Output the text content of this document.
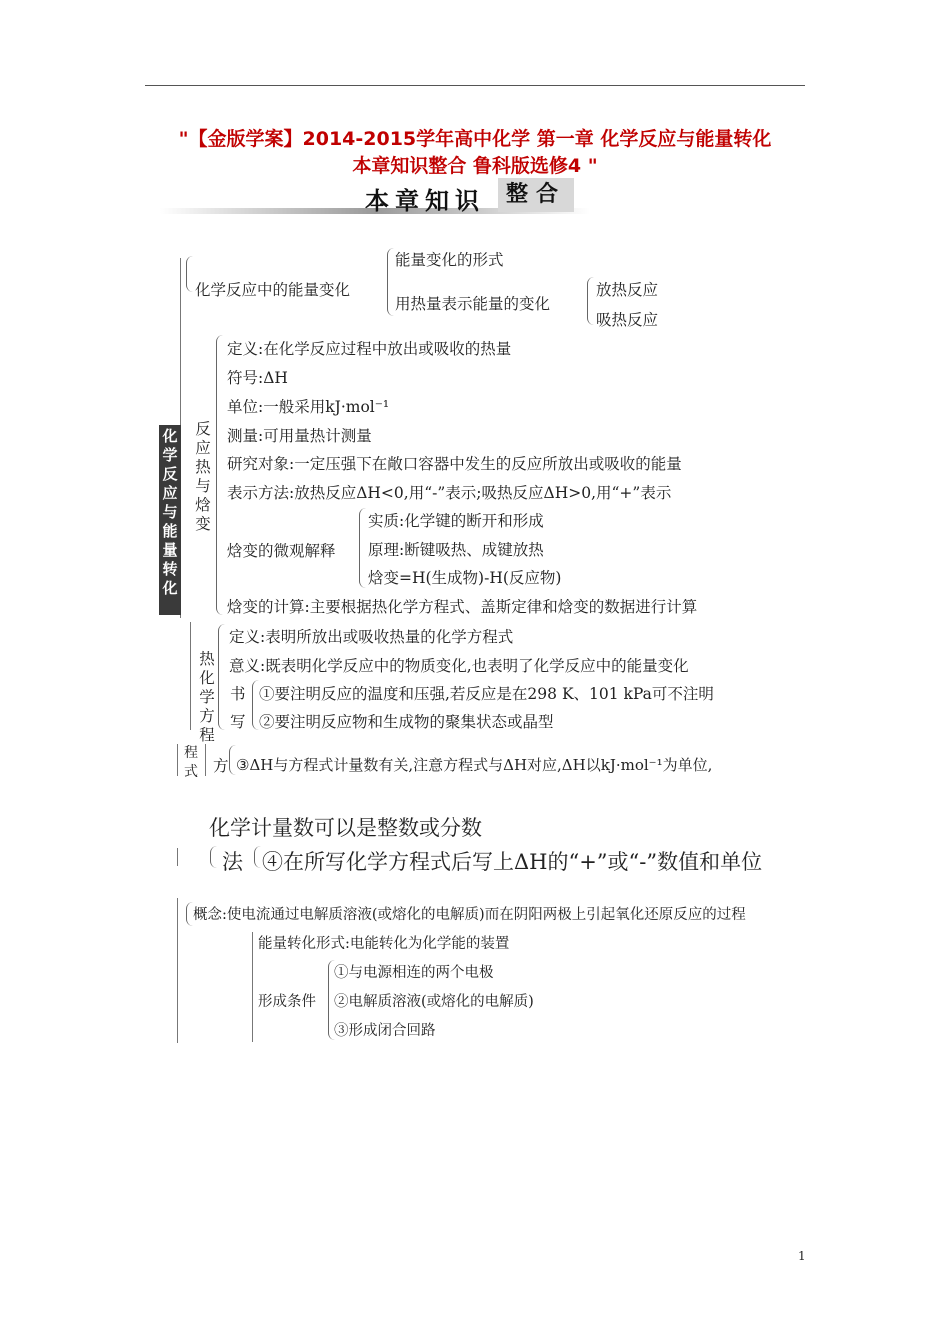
"【金版学案】2014-2015学年高中化学 第一章 化学反应与能量转化
本章知识整合 鲁科版选修4 "
本章知识 整合
化学反应与能量转化
化学反应中的能量变化
能量变化的形式
用热量表示能量的变化
放热反应
吸热反应
反应热与焓变
定义:在化学反应过程中放出或吸收的热量
符号:ΔH
单位:一般采用kJ·mol⁻¹
测量:可用量热计测量
研究对象:一定压强下在敞口容器中发生的反应所放出或吸收的能量
表示方法:放热反应ΔH<0,用“-”表示;吸热反应ΔH>0,用“+”表示
焓变的微观解释
实质:化学键的断开和形成
原理:断键吸热、成键放热
焓变=H(生成物)-H(反应物)
焓变的计算:主要根据热化学方程式、盖斯定律和焓变的数据进行计算
热化学方程
定义:表明所放出或吸收热量的化学方程式
意义:既表明化学反应中的物质变化,也表明了化学反应中的能量变化
书
写
①要注明反应的温度和压强,若反应是在298 K、101 kPa可不注明
②要注明反应物和生成物的聚集状态或晶型
程式 方 ③ΔH与方程式计量数有关,注意方程式与ΔH对应,ΔH以kJ·mol⁻¹为单位,
化学计量数可以是整数或分数
法 ④在所写化学方程式后写上ΔH的“+”或“-”数值和单位
概念:使电流通过电解质溶液(或熔化的电解质)而在阴阳两极上引起氧化还原反应的过程
能量转化形式:电能转化为化学能的装置
形成条件
①与电源相连的两个电极
②电解质溶液(或熔化的电解质)
③形成闭合回路
1
